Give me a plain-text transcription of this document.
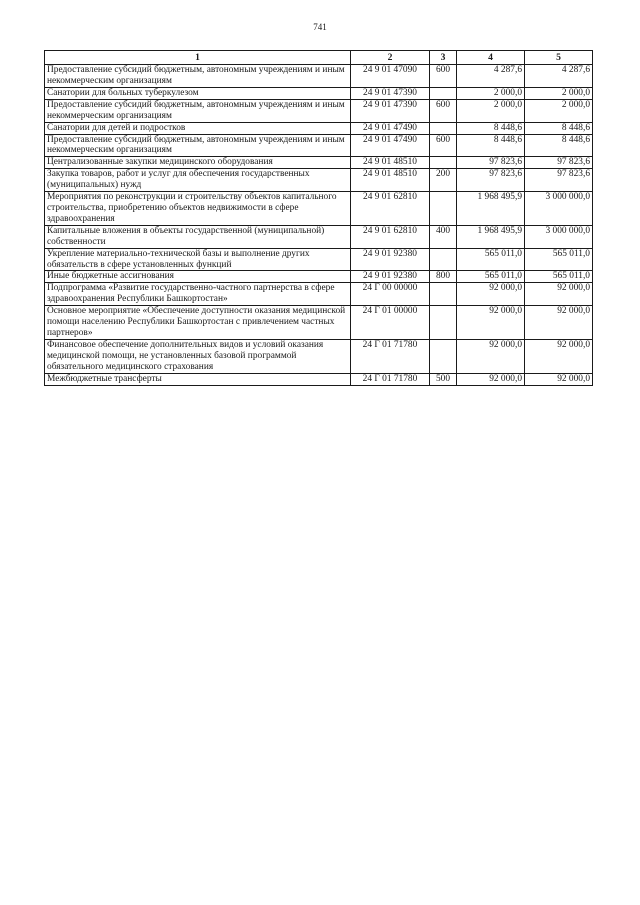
741
1	2	3	4	5
Предоставление субсидий бюджетным, автономным учреждениям и иным некоммерческим организациям	24 9 01 47090	600	4 287,6	4 287,6
Санатории для больных туберкулезом	24 9 01 47390		2 000,0	2 000,0
Предоставление субсидий бюджетным, автономным учреждениям и иным некоммерческим организациям	24 9 01 47390	600	2 000,0	2 000,0
Санатории для детей и подростков	24 9 01 47490		8 448,6	8 448,6
Предоставление субсидий бюджетным, автономным учреждениям и иным некоммерческим организациям	24 9 01 47490	600	8 448,6	8 448,6
Централизованные закупки медицинского оборудования	24 9 01 48510		97 823,6	97 823,6
Закупка товаров, работ и услуг для обеспечения государственных (муниципальных) нужд	24 9 01 48510	200	97 823,6	97 823,6
Мероприятия по реконструкции и строительству объектов капитального строительства, приобретению объектов недвижимости в сфере здравоохранения	24 9 01 62810		1 968 495,9	3 000 000,0
Капитальные вложения в объекты государственной (муниципальной) собственности	24 9 01 62810	400	1 968 495,9	3 000 000,0
Укрепление материально-технической базы и выполнение других обязательств в сфере установленных функций	24 9 01 92380		565 011,0	565 011,0
Иные бюджетные ассигнования	24 9 01 92380	800	565 011,0	565 011,0
Подпрограмма «Развитие государственно-частного партнерства в сфере здравоохранения Республики Башкортостан»	24 Г 00 00000		92 000,0	92 000,0
Основное мероприятие «Обеспечение доступности оказания медицинской помощи населению Республики Башкортостан с привлечением частных партнеров»	24 Г 01 00000		92 000,0	92 000,0
Финансовое обеспечение дополнительных видов и условий оказания медицинской помощи, не установленных базовой программой обязательного медицинского страхования	24 Г 01 71780		92 000,0	92 000,0
Межбюджетные трансферты	24 Г 01 71780	500	92 000,0	92 000,0
